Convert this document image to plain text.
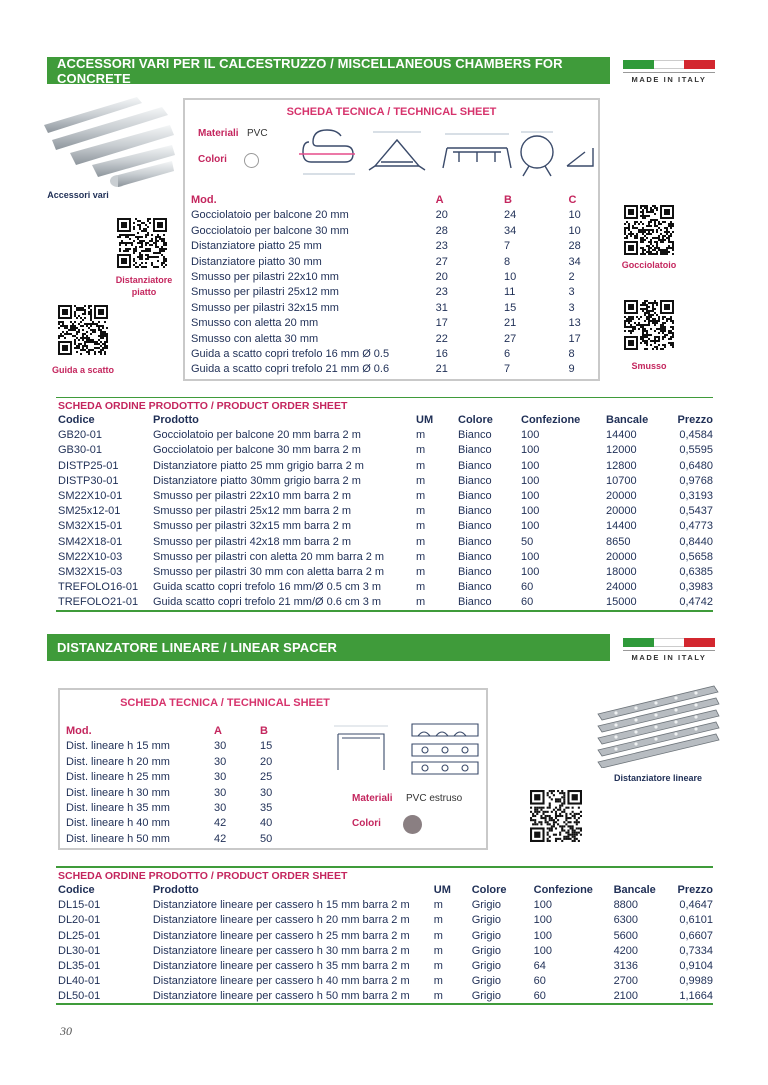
ACCESSORI VARI PER IL CALCESTRUZZO / MISCELLANEOUS CHAMBERS FOR CONCRETE	MADE IN ITALY
Accessori vari
Distanziatore piatto
Guida a scatto
Gocciolatoio
Smusso
SCHEDA TECNICA / TECHNICAL SHEET
Materiali PVC
Colori
Mod.	A	B	C
Gocciolatoio per balcone 20 mm	20	24	10
Gocciolatoio per balcone 30 mm	28	34	10
Distanziatore piatto 25 mm	23	7	28
Distanziatore piatto 30 mm	27	8	34
Smusso per pilastri 22x10 mm	20	10	2
Smusso per pilastri 25x12 mm	23	11	3
Smusso per pilastri 32x15 mm	31	15	3
Smusso con aletta 20 mm	17	21	13
Smusso con aletta 30 mm	22	27	17
Guida a scatto copri trefolo 16 mm Ø 0.5	16	6	8
Guida a scatto copri trefolo 21 mm Ø 0.6	21	7	9
SCHEDA ORDINE PRODOTTO / PRODUCT ORDER SHEET
Codice	Prodotto	UM	Colore	Confezione	Bancale	Prezzo
GB20-01	Gocciolatoio per balcone 20 mm barra 2 m	m	Bianco	100	14400	0,4584
GB30-01	Gocciolatoio per balcone 30 mm barra 2 m	m	Bianco	100	12000	0,5595
DISTP25-01	Distanziatore piatto 25 mm grigio barra 2 m	m	Bianco	100	12800	0,6480
DISTP30-01	Distanziatore piatto 30mm grigio barra 2 m	m	Bianco	100	10700	0,9768
SM22X10-01	Smusso per pilastri 22x10 mm barra 2 m	m	Bianco	100	20000	0,3193
SM25x12-01	Smusso per pilastri 25x12 mm barra 2 m	m	Bianco	100	20000	0,5437
SM32X15-01	Smusso per pilastri 32x15 mm barra 2 m	m	Bianco	100	14400	0,4773
SM42X18-01	Smusso per pilastri 42x18 mm barra 2 m	m	Bianco	50	8650	0,8440
SM22X10-03	Smusso per pilastri con aletta 20 mm barra 2 m	m	Bianco	100	20000	0,5658
SM32X15-03	Smusso per pilastri 30 mm con aletta barra 2 m	m	Bianco	100	18000	0,6385
TREFOLO16-01	Guida scatto copri trefolo 16 mm/Ø 0.5 cm 3 m	m	Bianco	60	24000	0,3983
TREFOLO21-01	Guida scatto copri trefolo 21 mm/Ø 0.6 cm 3 m	m	Bianco	60	15000	0,4742
DISTANZATORE LINEARE / LINEAR SPACER
MADE IN ITALY
SCHEDA TECNICA / TECHNICAL SHEET
Mod.	A	B
Dist. lineare h 15 mm	30	15
Dist. lineare h 20 mm	30	20
Dist. lineare h 25 mm	30	25
Dist. lineare h 30 mm	30	30
Dist. lineare h 35 mm	30	35
Dist. lineare h 40 mm	42	40
Dist. lineare h 50 mm	42	50
Materiali PVC estruso
Colori
Distanziatore lineare
SCHEDA ORDINE PRODOTTO / PRODUCT ORDER SHEET
Codice	Prodotto	UM	Colore	Confezione	Bancale	Prezzo
DL15-01	Distanziatore lineare per cassero h 15 mm barra 2 m	m	Grigio	100	8800	0,4647
DL20-01	Distanziatore lineare per cassero h 20 mm barra 2 m	m	Grigio	100	6300	0,6101
DL25-01	Distanziatore lineare per cassero h 25 mm barra 2 m	m	Grigio	100	5600	0,6607
DL30-01	Distanziatore lineare per cassero h 30 mm barra 2 m	m	Grigio	100	4200	0,7334
DL35-01	Distanziatore lineare per cassero h 35 mm barra 2 m	m	Grigio	64	3136	0,9104
DL40-01	Distanziatore lineare per cassero h 40 mm barra 2 m	m	Grigio	60	2700	0,9989
DL50-01	Distanziatore lineare per cassero h 50 mm barra 2 m	m	Grigio	60	2100	1,1664
30
